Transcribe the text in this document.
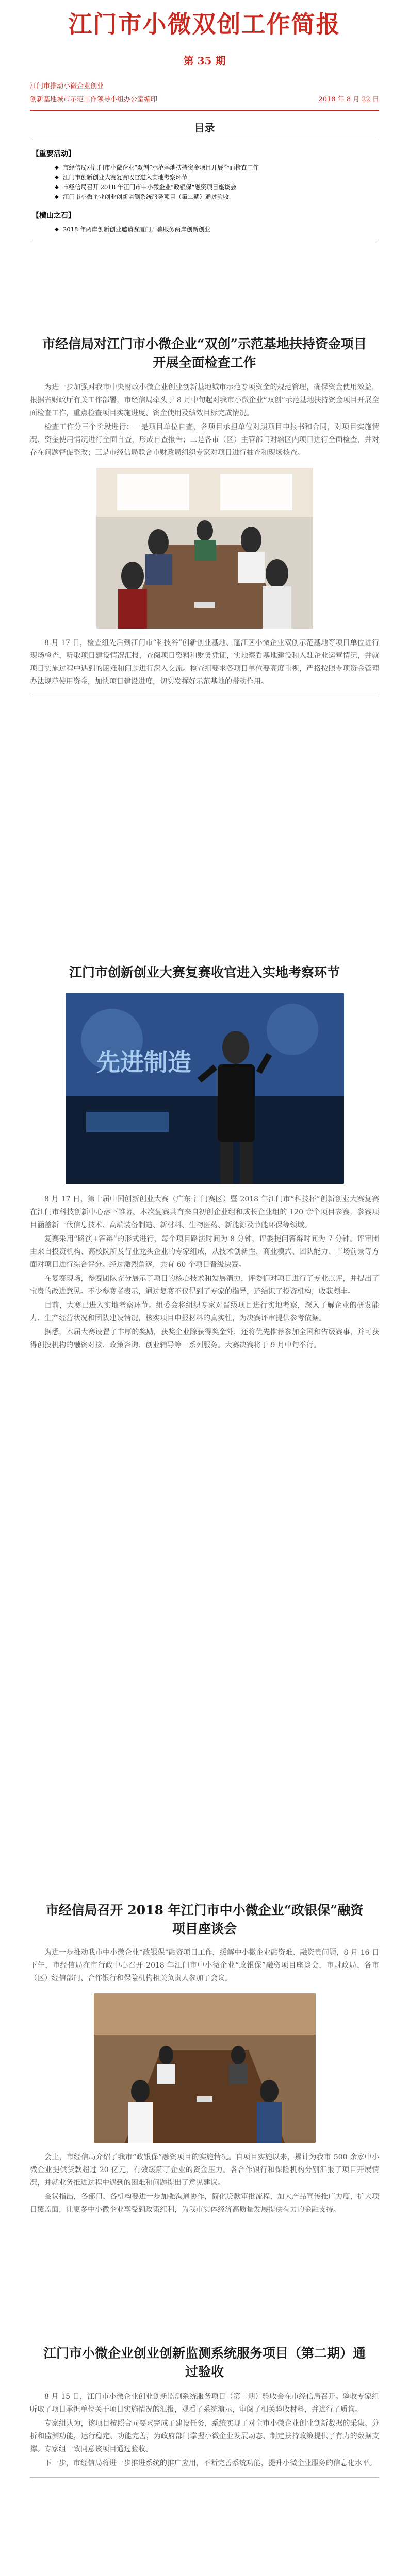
江门市小微双创工作简报
第 35 期
江门市推动小微企业创业
创新基地城市示范工作领导小组办公室编印	2018 年 8 月 22 日
目录
【重要活动】
◆ 市经信局对江门市小微企业“双创”示范基地扶持资金项目开展全面检查工作
◆ 江门市创新创业大赛复赛收官进入实地考察环节
◆ 市经信局召开 2018 年江门市中小微企业“政银保”融资项目座谈会
◆ 江门市小微企业创业创新监测系统服务项目（第二期）通过验收
【横山之石】
◆ 2018 年两岸创新创业邀请赛厦门开幕服务两岸创新创业
市经信局对江门市小微企业“双创”示范基地扶持资金项目开展全面检查工作

为进一步加强对我市中央财政小微企业创业创新基地城市示范专项资金的规范管理，确保资金使用效益，根据省财政厅有关工作部署，市经信局牵头于 8 月中旬起对我市小微企业“双创”示范基地扶持资金项目开展全面检查工作，重点检查项目实施进度、资金使用及绩效目标完成情况。

检查工作分三个阶段进行：一是项目单位自查，各项目承担单位对照项目申报书和合同，对项目实施情况、资金使用情况进行全面自查，形成自查报告；二是各市（区）主管部门对辖区内项目进行全面检查，并对存在问题督促整改；三是市经信局联合市财政局组织专家对项目进行抽查和现场核查。

8 月 17 日，检查组先后到江门市“科技谷”创新创业基地、蓬江区小微企业双创示范基地等项目单位进行现场检查，听取项目建设情况汇报，查阅项目资料和财务凭证，实地察看基地建设和入驻企业运营情况，并就项目实施过程中遇到的困难和问题进行深入交流。检查组要求各项目单位要高度重视，严格按照专项资金管理办法规范使用资金，加快项目建设进度，切实发挥好示范基地的带动作用。

江门市创新创业大赛复赛收官进入实地考察环节
先进制造

8 月 17 日，第十届中国创新创业大赛（广东·江门赛区）暨 2018 年江门市“科技杯”创新创业大赛复赛在江门市科技创新中心落下帷幕。本次复赛共有来自初创企业组和成长企业组的 120 余个项目参赛，参赛项目涵盖新一代信息技术、高端装备制造、新材料、生物医药、新能源及节能环保等领域。

复赛采用“路演+答辩”的形式进行，每个项目路演时间为 8 分钟，评委提问答辩时间为 7 分钟。评审团由来自投资机构、高校院所及行业龙头企业的专家组成，从技术创新性、商业模式、团队能力、市场前景等方面对项目进行综合评分。经过激烈角逐，共有 60 个项目晋级决赛。

在复赛现场，参赛团队充分展示了项目的核心技术和发展潜力，评委们对项目进行了专业点评，并提出了宝贵的改进意见。不少参赛者表示，通过复赛不仅得到了专家的指导，还结识了投资机构，收获颇丰。

目前，大赛已进入实地考察环节。组委会将组织专家对晋级项目进行实地考察，深入了解企业的研发能力、生产经营状况和团队建设情况，核实项目申报材料的真实性，为决赛评审提供参考依据。

据悉，本届大赛设置了丰厚的奖励，获奖企业除获得奖金外，还将优先推荐参加全国和省级赛事，并可获得创投机构的融资对接、政策咨询、创业辅导等一系列服务。大赛决赛将于 9 月中旬举行。

市经信局召开 2018 年江门市中小微企业“政银保”融资项目座谈会

为进一步推动我市中小微企业“政银保”融资项目工作，缓解中小微企业融资难、融资贵问题，8 月 16 日下午，市经信局在市行政中心召开 2018 年江门市中小微企业“政银保”融资项目座谈会，市财政局、各市（区）经信部门、合作银行和保险机构相关负责人参加了会议。

会上，市经信局介绍了我市“政银保”融资项目的实施情况。自项目实施以来，累计为我市 500 余家中小微企业提供贷款超过 20 亿元，有效缓解了企业的资金压力。各合作银行和保险机构分别汇报了项目开展情况，并就业务推进过程中遇到的困难和问题提出了意见建议。

会议指出，各部门、各机构要进一步加强沟通协作，简化贷款审批流程，加大产品宣传推广力度，扩大项目覆盖面，让更多中小微企业享受到政策红利，为我市实体经济高质量发展提供有力的金融支持。

江门市小微企业创业创新监测系统服务项目（第二期）通过验收

8 月 15 日，江门市小微企业创业创新监测系统服务项目（第二期）验收会在市经信局召开。验收专家组听取了项目承担单位关于项目实施情况的汇报，观看了系统演示，审阅了相关验收材料，并进行了质询。

专家组认为，该项目按照合同要求完成了建设任务，系统实现了对全市小微企业创业创新数据的采集、分析和监测功能，运行稳定、功能完善，为政府部门掌握小微企业发展动态、制定扶持政策提供了有力的数据支撑。专家组一致同意该项目通过验收。

下一步，市经信局将进一步推进系统的推广应用，不断完善系统功能，提升小微企业服务的信息化水平。
